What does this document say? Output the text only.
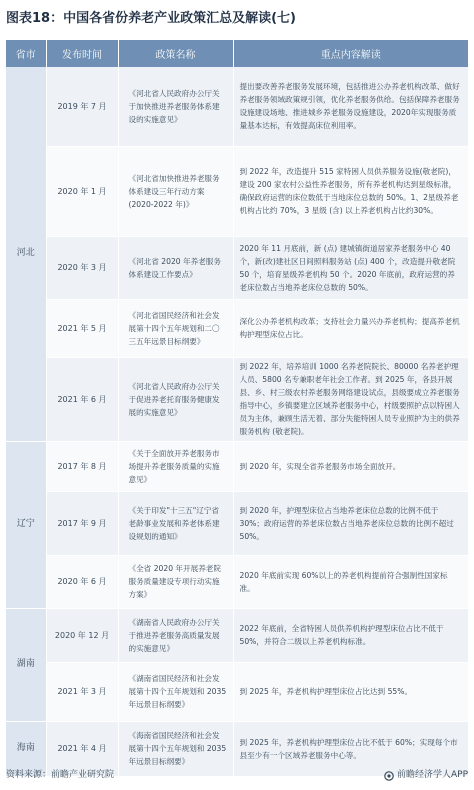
图表18：中国各省份养老产业政策汇总及解读(七)
省市	发布时间	政策名称	重点内容解读
河北	2019 年 7 月	《河北省人民政府办公厅关于加快推进养老服务体系建设的实施意见》	提出要改善养老服务发展环境，包括推进公办养老机构改革、做好养老服务领域政策规引领，优化养老服务供给。包括保障养老服务设施建设场地、推进城乡养老服务设施建设，2020年实现服务质量基本达标，有效提高床位利用率。
	2020 年 1 月	《河北省加快推进养老服务体系建设三年行动方案(2020-2022 年)》	到 2022 年，改造提升 515 家特困人员供养服务设施(敬老院)，建设 200 家农村公益性养老服务，所有养老机构达到星级标准，确保政府运营的床位数低于当地床位总数的 50%。1、2星级养老机构占比约 70%，3 星级 (含) 以上养老机构占比约30%。
	2020 年 3 月	《河北省 2020 年养老服务体系建设工作要点》	2020 年 11 月底前，新 (点) 建城镇街道居家养老服务中心 40个，新(改)建社区日间照料服务站 (点) 400 个，改造提升敬老院 50 个，培育星级养老机构 50 个。2020 年底前，政府运营的养老床位数占当地养老床位总数的 50%。
	2021 年 5 月	《河北省国民经济和社会发展第十四个五年规划和二〇三五年远景目标纲要》	深化公办养老机构改革；支持社会力量兴办养老机构；提高养老机构护理型床位占比。
	2021 年 6 月	《河北省人民政府办公厅关于促进养老托育服务健康发展的实施意见》	到 2022 年，培养培训 1000 名养老院院长、80000 名养老护理人员、5800 名专兼职老年社会工作者。到 2025 年，各县开展县、乡、村三级农村养老服务网络建设试点，县级要成立养老服务指导中心，乡镇要建立区域养老服务中心，村级要照护点以特困人员为主体，兼顾生活无着、部分失能特困人员专业照护为主的供养服务机构 (敬老院)。
辽宁	2017 年 8 月	《关于全面放开养老服务市场提升养老服务质量的实施意见》	到 2020 年，实现全省养老服务市场全面放开。
	2017 年 9 月	《关于印发"十三五"辽宁省老龄事业发展和养老体系建设规划的通知》	到 2020 年，护理型床位占当地养老床位总数的比例不低于30%；政府运营的养老床位数占当地养老床位总数的比例不超过50%。
	2020 年 6 月	《全省 2020 年开展养老院服务质量建设专项行动实施方案》	2020 年底前实现 60%以上的养老机构提前符合强制性国家标准。
湖南	2020 年 12 月	《湖南省人民政府办公厅关于推进养老服务高质量发展的实施意见》	2022 年底前，全省特困人员供养机构护理型床位占比不低于50%，并符合二级以上养老机构标准。
	2021 年 3 月	《湖南省国民经济和社会发展第十四个五年规划和 2035 年远景目标纲要》	到 2025 年，养老机构护理型床位占比达到 55%。
海南	2021 年 4 月	《海南省国民经济和社会发展第十四个五年规划和 2035 年远景目标纲要》	到 2025 年，养老机构护理型床位占比不低于 60%；实现每个市县至少有一个区域养老服务中心等。
资料来源：前瞻产业研究院	前瞻经济学人APP
